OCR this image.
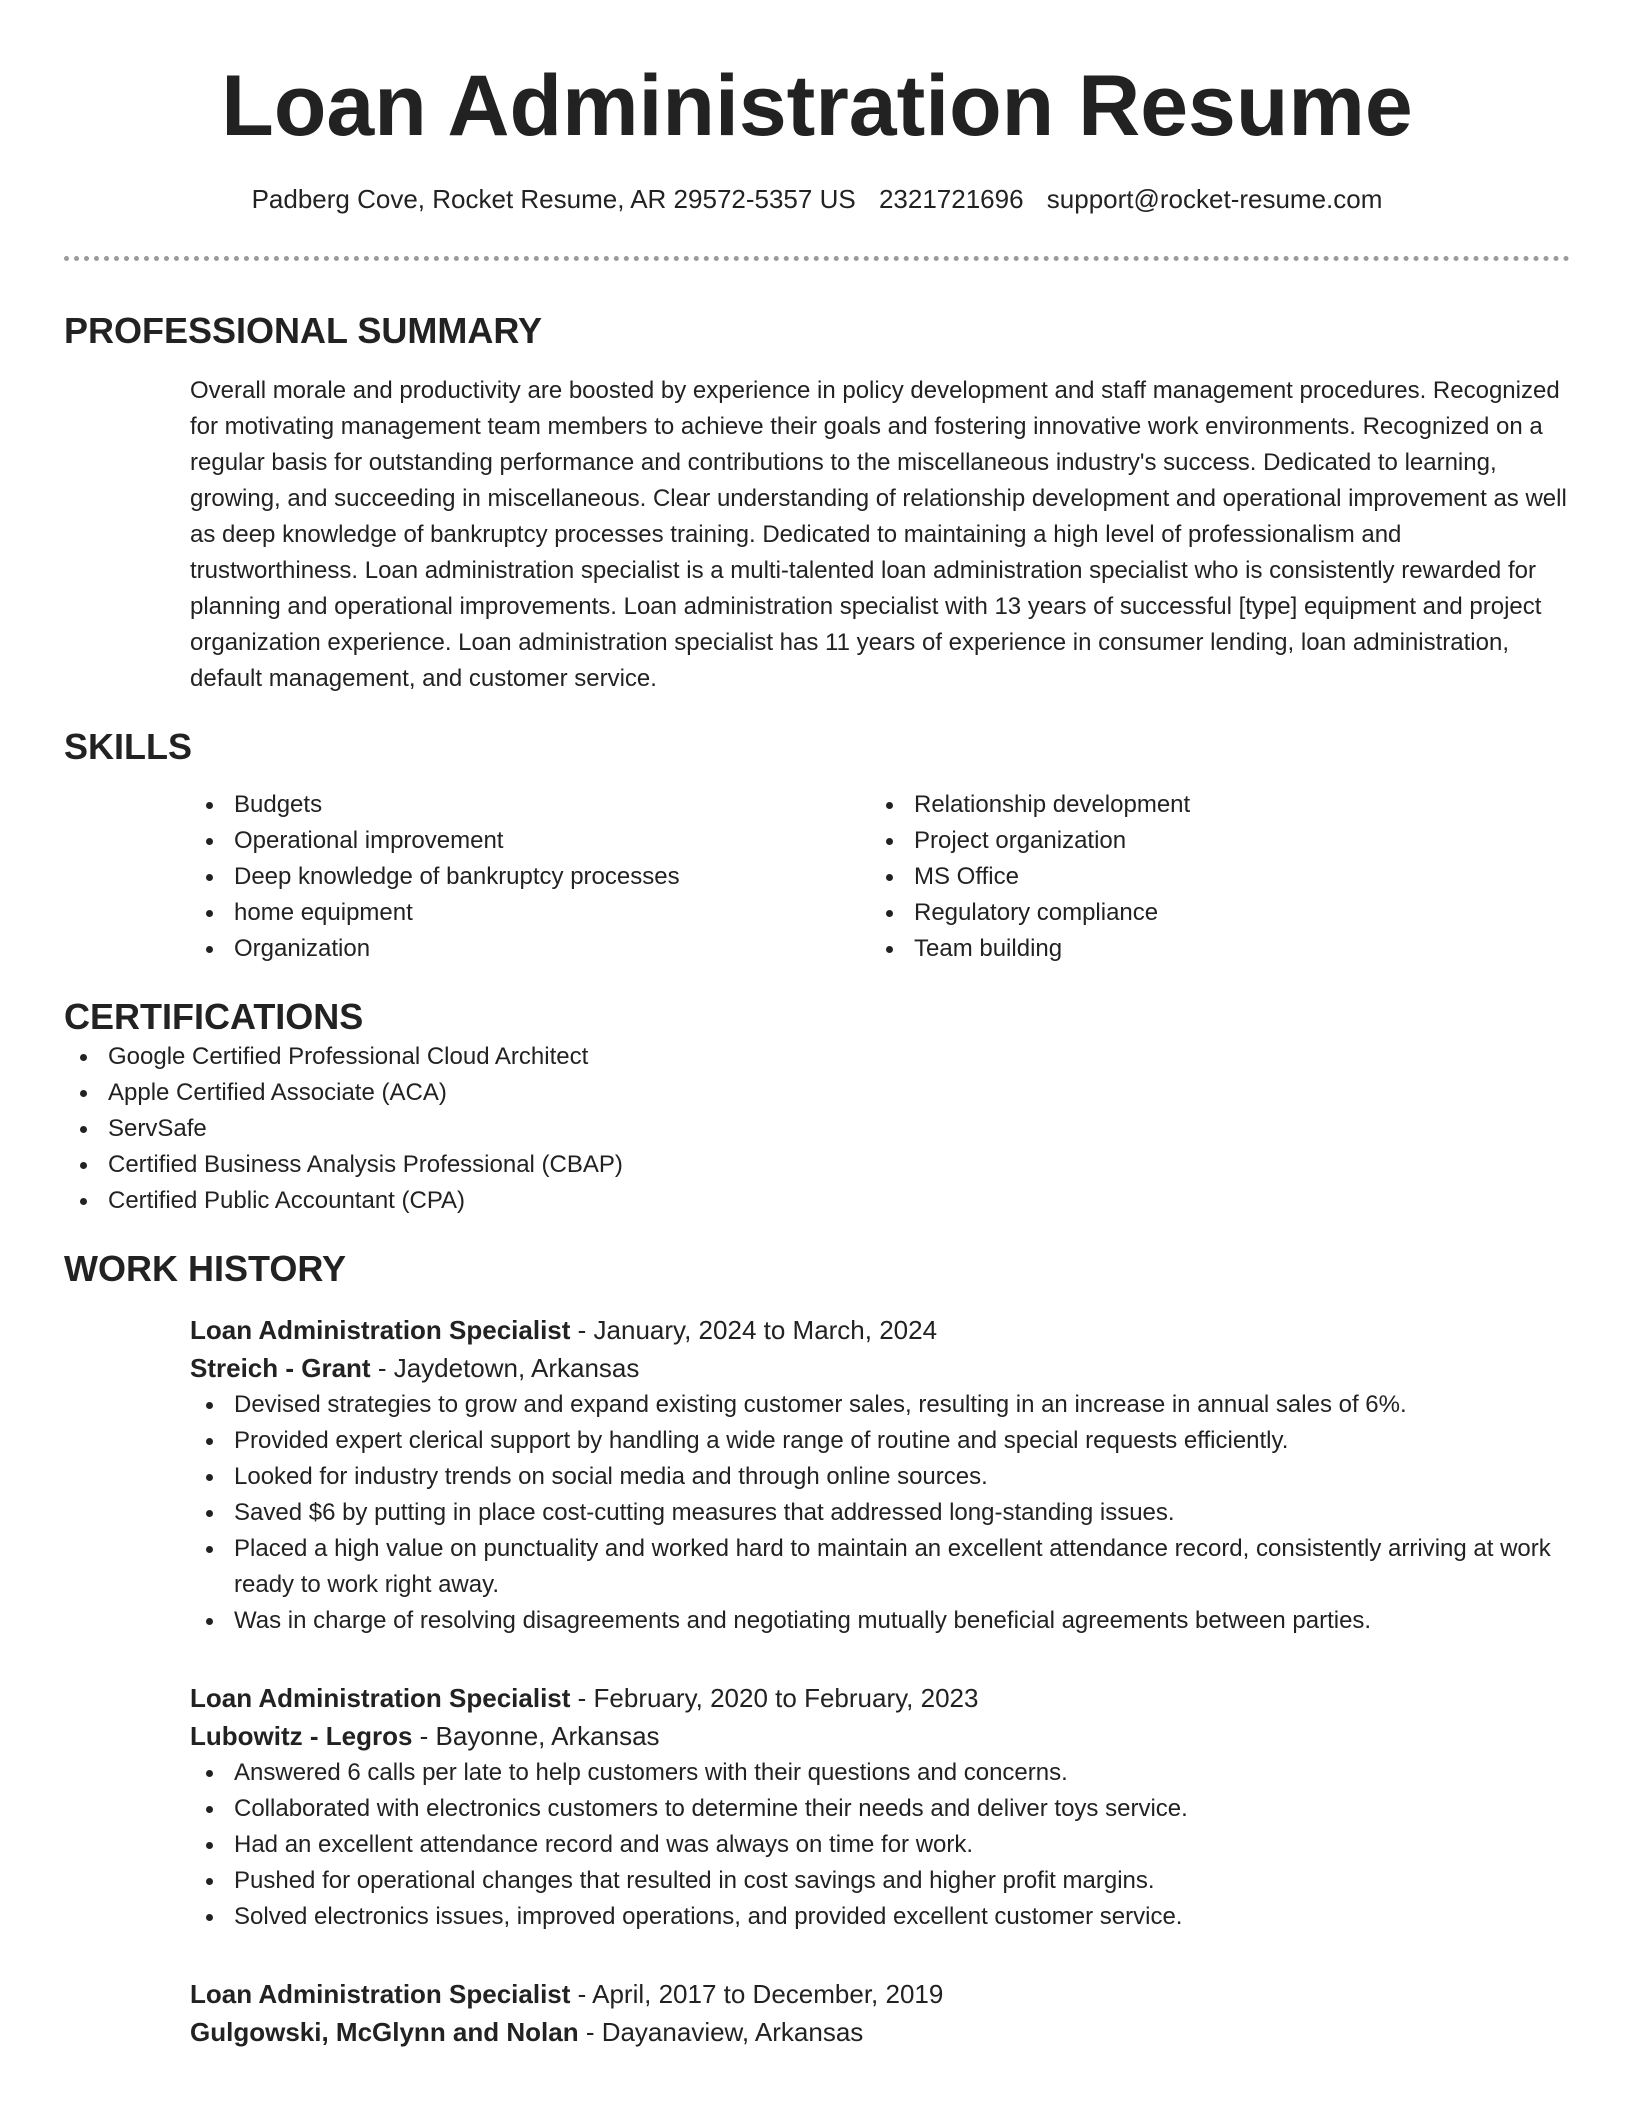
Loan Administration Resume
Padberg Cove, Rocket Resume, AR 29572-5357 US 2321721696 support@rocket-resume.com
PROFESSIONAL SUMMARY

Overall morale and productivity are boosted by experience in policy development and staff management procedures. Recognized for motivating management team members to achieve their goals and fostering innovative work environments. Recognized on a regular basis for outstanding performance and contributions to the miscellaneous industry's success. Dedicated to learning, growing, and succeeding in miscellaneous. Clear understanding of relationship development and operational improvement as well as deep knowledge of bankruptcy processes training. Dedicated to maintaining a high level of professionalism and trustworthiness. Loan administration specialist is a multi-talented loan administration specialist who is consistently rewarded for planning and operational improvements. Loan administration specialist with 13 years of successful [type] equipment and project organization experience. Loan administration specialist has 11 years of experience in consumer lending, loan administration, default management, and customer service.

SKILLS
Budgets
Operational improvement
Deep knowledge of bankruptcy processes
home equipment
Organization
Relationship development
Project organization
MS Office
Regulatory compliance
Team building
CERTIFICATIONS
Google Certified Professional Cloud Architect
Apple Certified Associate (ACA)
ServSafe
Certified Business Analysis Professional (CBAP)
Certified Public Accountant (CPA)
WORK HISTORY
Loan Administration Specialist - January, 2024 to March, 2024
Streich - Grant - Jaydetown, Arkansas
Devised strategies to grow and expand existing customer sales, resulting in an increase in annual sales of 6%.
Provided expert clerical support by handling a wide range of routine and special requests efficiently.
Looked for industry trends on social media and through online sources.
Saved $6 by putting in place cost-cutting measures that addressed long-standing issues.
Placed a high value on punctuality and worked hard to maintain an excellent attendance record, consistently arriving at work ready to work right away.
Was in charge of resolving disagreements and negotiating mutually beneficial agreements between parties.
Loan Administration Specialist - February, 2020 to February, 2023
Lubowitz - Legros - Bayonne, Arkansas
Answered 6 calls per late to help customers with their questions and concerns.
Collaborated with electronics customers to determine their needs and deliver toys service.
Had an excellent attendance record and was always on time for work.
Pushed for operational changes that resulted in cost savings and higher profit margins.
Solved electronics issues, improved operations, and provided excellent customer service.
Loan Administration Specialist - April, 2017 to December, 2019
Gulgowski, McGlynn and Nolan - Dayanaview, Arkansas
